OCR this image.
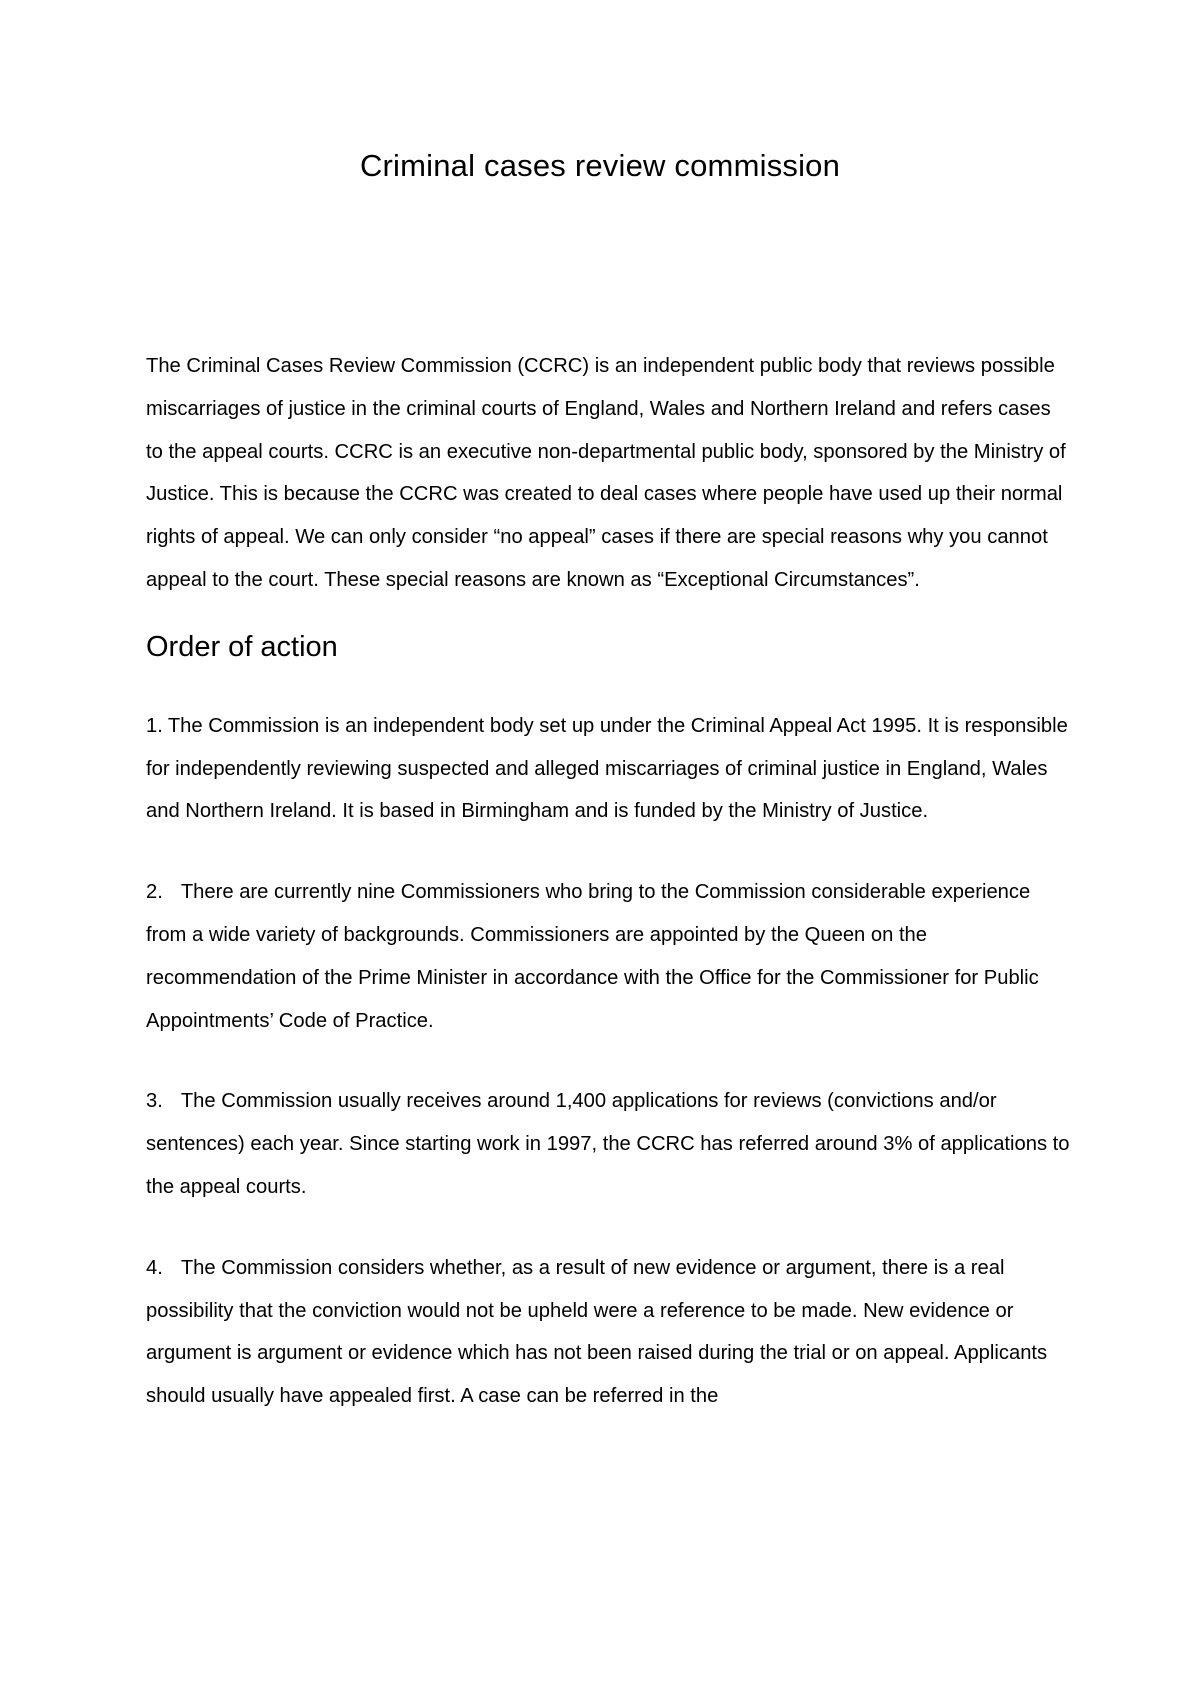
Criminal cases review commission

The Criminal Cases Review Commission (CCRC) is an independent public body that reviews possible miscarriages of justice in the criminal courts of England, Wales and Northern Ireland and refers cases to the appeal courts. CCRC is an executive non-departmental public body, sponsored by the Ministry of Justice. This is because the CCRC was created to deal cases where people have used up their normal rights of appeal. We can only consider “no appeal” cases if there are special reasons why you cannot appeal to the court. These special reasons are known as “Exceptional Circumstances”.

Order of action

1. The Commission is an independent body set up under the Criminal Appeal Act 1995. It is responsible for independently reviewing suspected and alleged miscarriages of criminal justice in England, Wales and Northern Ireland. It is based in Birmingham and is funded by the Ministry of Justice.

2. There are currently nine Commissioners who bring to the Commission considerable experience from a wide variety of backgrounds. Commissioners are appointed by the Queen on the recommendation of the Prime Minister in accordance with the Office for the Commissioner for Public Appointments’ Code of Practice.

3. The Commission usually receives around 1,400 applications for reviews (convictions and/or sentences) each year. Since starting work in 1997, the CCRC has referred around 3% of applications to the appeal courts.

4. The Commission considers whether, as a result of new evidence or argument, there is a real possibility that the conviction would not be upheld were a reference to be made. New evidence or argument is argument or evidence which has not been raised during the trial or on appeal. Applicants should usually have appealed first. A case can be referred in the
